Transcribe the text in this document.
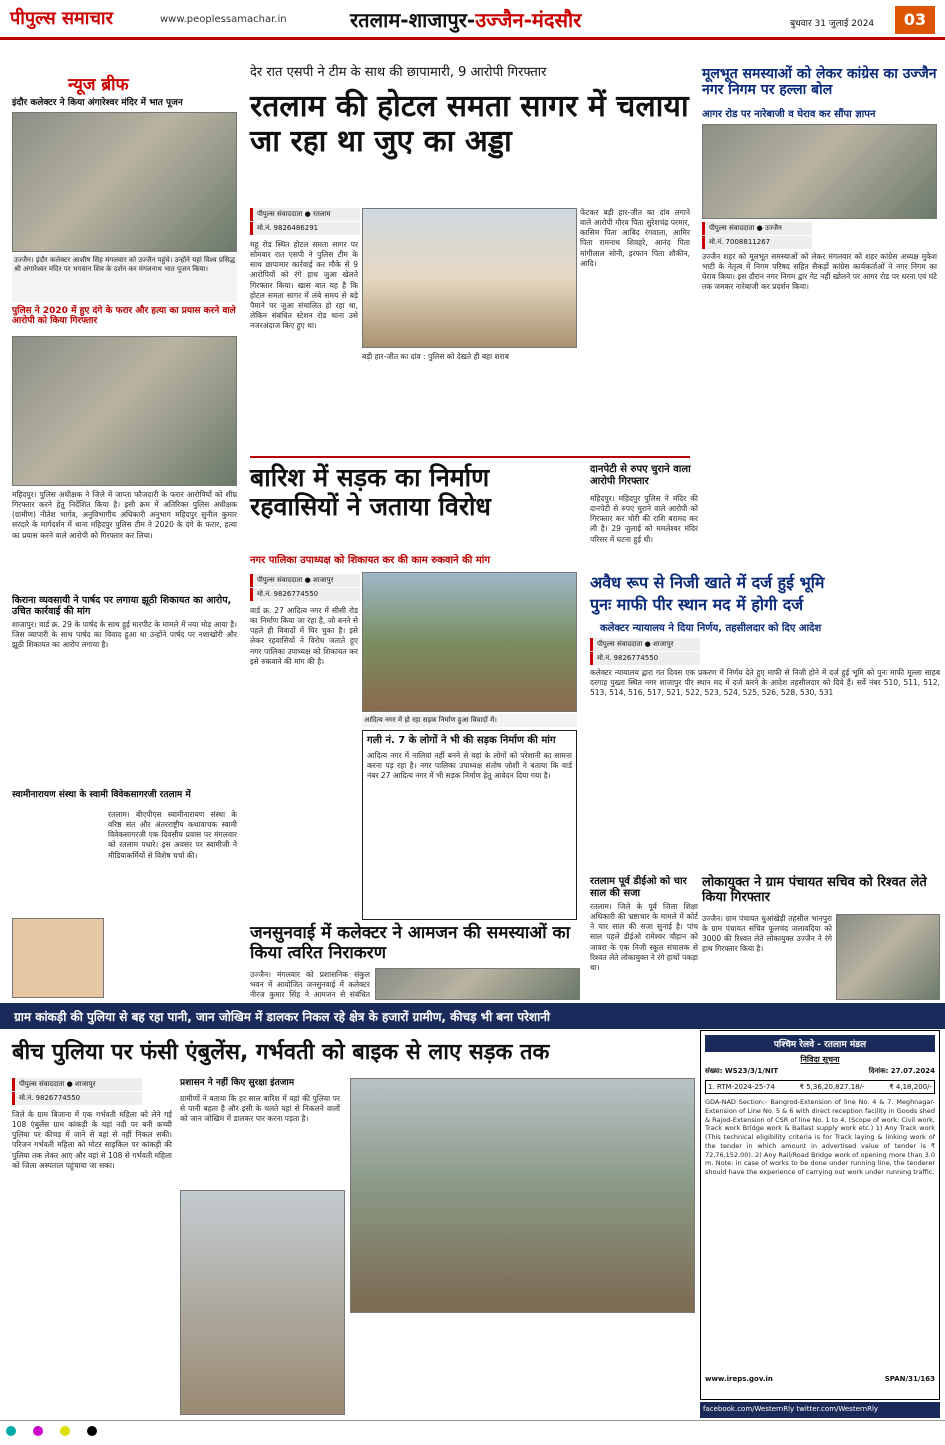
पीपुल्स समाचार	www.peoplessamachar.in	रतलाम-शाजापुर-उज्जैन-मंदसौर	बुधवार 31 जुलाई 2024	03
न्यूज ब्रीफ
इंदौर कलेक्टर ने किया अंगारेश्वर मंदिर में भात पूजन
उज्जैन। इंदौर कलेक्टर आशीष सिंह मंगलवार को उज्जैन पहुंचे। उन्होंने यहां विश्व प्रसिद्ध श्री अंगारेश्वर मंदिर पर भगवान शिव के दर्शन कर मंगलनाथ भात पूजन किया।
पुलिस ने 2020 में हुए दंगे के फरार और हत्या का प्रयास करने वाले आरोपी को किया गिरफ्तार
महिदपुर। पुलिस अधीक्षक ने जिले में जाप्ता फौजदारी के फरार आरोपियों को शीघ्र गिरफ्तार करने हेतु निर्देशित किया है। इसी क्रम में अतिरिक्त पुलिस अधीक्षक (ग्रामीण) नीतेश भार्गव, अनुविभागीय अधिकारी अनुभाग महिदपुर सुनील कुमार सरदारे के मार्गदर्शन में थाना महिदपुर पुलिस टीम ने 2020 के दंगे के फरार, हत्या का प्रयास करने वाले आरोपी को गिरफ्तार कर लिया।
किराना व्यवसायी ने पार्षद पर लगाया झूठी शिकायत का आरोप, उचित कार्रवाई की मांग
शाजापुर। वार्ड क्र. 29 के पार्षद के साथ हुई मारपीट के मामले में नया मोड़ आया है। जिस व्यापारी के साथ पार्षद का विवाद हुआ था उन्होंने पार्षद पर नशाखोरी और झूठी शिकायत का आरोप लगाया है।
स्वामीनारायण संस्था के स्वामी विवेकसागरजी रतलाम में
रतलाम। बीएपीएस स्वामीनारायण संस्था के वरिष्ठ संत और अंतरराष्ट्रीय कथावाचक स्वामी विवेकसागरजी एक दिवसीय प्रवास पर मंगलवार को रतलाम पधारे। इस अवसर पर स्वामीजी ने मीडियाकर्मियों से विशेष चर्चा की।
देर रात एसपी ने टीम के साथ की छापामारी, 9 आरोपी गिरफ्तार
रतलाम की होटल समता सागर में चलाया जा रहा था जुए का अड्डा
पीपुल्स संवाददाता ● रतलाम
मो.नं. 9826486291
महू रोड स्थित होटल समता सागर पर सोमवार रात एसपी ने पुलिस टीम के साथ छापामार कार्रवाई कर मौके से 9 आरोपियों को रंगे हाथ जुआ खेलते गिरफ्तार किया। खास बात यह है कि होटल समता सागर में लंबे समय से बड़े पैमाने पर जुआ संचालित हो रहा था, लेकिन संबंधित स्टेशन रोड थाना उसे नजरअंदाज किए हुए था।
फेंटकर बड़ी हार-जीत का दांव लगाने वाले आरोपी गौरव पिता सुरेशचंद्र परमार, कासिम पिता आबिद रंगवाला, आमिर पिता रामनाथ शिवहरे, आनंद पिता मांगीलाल सोनी, इरफान पिता शौकीन, आदि।
बड़ी हार-जीत का दांव : पुलिस को देखते ही बहा शराब
मूलभूत समस्याओं को लेकर कांग्रेस का उज्जैन नगर निगम पर हल्ला बोल
आगर रोड पर नारेबाजी व घेराव कर सौंपा ज्ञापन
पीपुल्स संवाददाता ● उज्जैन
मो.नं. 7008811267
उज्जैन शहर को मूलभूत समस्याओं को लेकर मंगलवार को शहर कांग्रेस अध्यक्ष मुकेश भाटी के नेतृत्व में निगम परिषद सहित सैकड़ों कांग्रेस कार्यकर्ताओं ने नगर निगम का घेराव किया। इस दौरान नगर निगम द्वार गेट नहीं खोलने पर आगर रोड पर धरना एवं घंटे तक जमकर नारेबाजी कर प्रदर्शन किया।
बारिश में सड़क का निर्माण रहवासियों ने जताया विरोध
नगर पालिका उपाध्यक्ष को शिकायत कर की काम रुकवाने की मांग
पीपुल्स संवाददाता ● शाजापुर
मो.नं. 9826774550
वार्ड क्र. 27 आदित्य नगर में सीसी रोड का निर्माण किया जा रहा है, जो बनने से पहले ही विवादों में घिर चुका है। इसे लेकर रहवासियों ने विरोध जताते हुए नगर पालिका उपाध्यक्ष को शिकायत कर इसे रुकवाने की मांग की है।
आदित्य नगर में हो रहा सड़क निर्माण हुआ विवादों में।
गली नं. 7 के लोगों ने भी की सड़क निर्माण की मांग
आदित्य नगर में नालियां नहीं बनने से यहां के लोगों को परेशानी का सामना करना पड़ रहा है। नगर पालिका उपाध्यक्ष संतोष जोशी ने बताया कि वार्ड नंबर 27 आदित्य नगर में भी सड़क निर्माण हेतु आवेदन दिया गया है।
दानपेटी से रुपए चुराने वाला आरोपी गिरफ्तार
महिदपुर। महिदपुर पुलिस ने मंदिर की दानपेटी से रुपए चुराने वाले आरोपी को गिरफ्तार कर चोरी की राशि बरामद कर ली है। 29 जुलाई को ममलेश्वर मंदिर परिसर में घटना हुई थी।
अवैध रूप से निजी खाते में दर्ज हुई भूमि
पुनः माफी पीर स्थान मद में होगी दर्ज
कलेक्टर न्यायालय ने दिया निर्णय, तहसीलदार को दिए आदेश
पीपुल्स संवाददाता ● शाजापुर
मो.नं. 9826774550
कलेक्टर न्यायालय द्वारा गत दिवस एक प्रकरण में निर्णय देते हुए माफी से निजी होने में दर्ज हुई भूमि को पुनः माफी मूल्ला साहब दरगाह पुख्ता स्थित नगर शाजापुर पीर स्थान मद में दर्ज करने के आदेश तहसीलदार को दिये हैं। सर्वे नंबर 510, 511, 512, 513, 514, 516, 517, 521, 522, 523, 524, 525, 526, 528, 530, 531
जनसुनवाई में कलेक्टर ने आमजन की समस्याओं का किया त्वरित निराकरण
उज्जैन। मंगलवार को प्रशासनिक संकुल भवन में आयोजित जनसुनवाई में कलेक्टर नीरज कुमार सिंह ने आमजन से संबंधित
रतलाम पूर्व डीईओ को चार साल की सजा
रतलाम। जिले के पूर्व जिला शिक्षा अधिकारी की भ्रष्टाचार के मामले में कोर्ट ने चार साल की सजा सुनाई है। पांच साल पहले डीईओ रामेश्वर चौहान को जावरा के एक निजी स्कूल संचालक से रिश्वत लेते लोकायुक्त ने रंगे हाथों पकड़ा था।
लोकायुक्त ने ग्राम पंचायत सचिव को रिश्वत लेते किया गिरफ्तार
उज्जैन। ग्राम पंचायत धुआंखेड़ी तहसील भानपुरा के ग्राम पंचायत सचिव फूलचंद जलावदिया को 3000 की रिश्वत लेते लोकायुक्त उज्जैन ने रंगे हाथ गिरफ्तार किया है।
ग्राम कांकड़ी की पुलिया से बह रहा पानी, जान जोखिम में डालकर निकल रहे क्षेत्र के हजारों ग्रामीण, कीचड़ भी बना परेशानी
बीच पुलिया पर फंसी एंबुलेंस, गर्भवती को बाइक से लाए सड़क तक
पीपुल्स संवाददाता ● शाजापुर
मो.नं. 9826774550
जिले के ग्राम बिजाना में एक गर्भवती महिला को लेने गई 108 एंबुलेंस ग्राम कांकड़ी के यहां नदी पर बनी कच्ची पुलिया पर कीचड़ में जाने से वहां से नहीं निकल सकी। परिजन गर्भवती महिला को मोटर साइकिल पर कांकड़ी की पुलिया तक लेकर आए और वहां से 108 से गर्भवती महिला को जिला अस्पताल पहुंचाया जा सका।
प्रशासन ने नहीं किए सुरक्षा इंतजाम
ग्रामीणों ने बताया कि हर साल बारिश में यहां की पुलिया पर से पानी बहता है और इसी के चलते यहां से निकलने वालों को जान जोखिम में डालकर पार करना पड़ता है।
पश्चिम रेलवे - रतलाम मंडल
निविदा सूचना
संख्या: WS23/3/1/NIT	दिनांक: 27.07.2024
1. RTM-2024-25-74	₹ 5,36,20,827.18/-	₹ 4,18,200/-
GDA-NAD Section:- Bangrod-Extension of line No. 4 & 7. Meghnagar-Extension of Line No. 5 & 6 with direct reception facility in Goods shed & Rajod-Extension of CSR of line No. 1 to 4. (Scope of work: Civil work, Track work Bridge work & Ballast supply work etc.) 1) Any Track work (This technical eligibility criteria is for Track laying & linking work of the tender in which amount in advertised value of tender is ₹ 72,76,152.00). 2) Any Rail/Road Bridge work of opening more than 3.0 m. Note: in case of works to be done under running line, the tenderer should have the experience of carrying out work under running traffic.
www.ireps.gov.in	SPAN/31/163
facebook.com/WesternRly twitter.com/WesternRly
